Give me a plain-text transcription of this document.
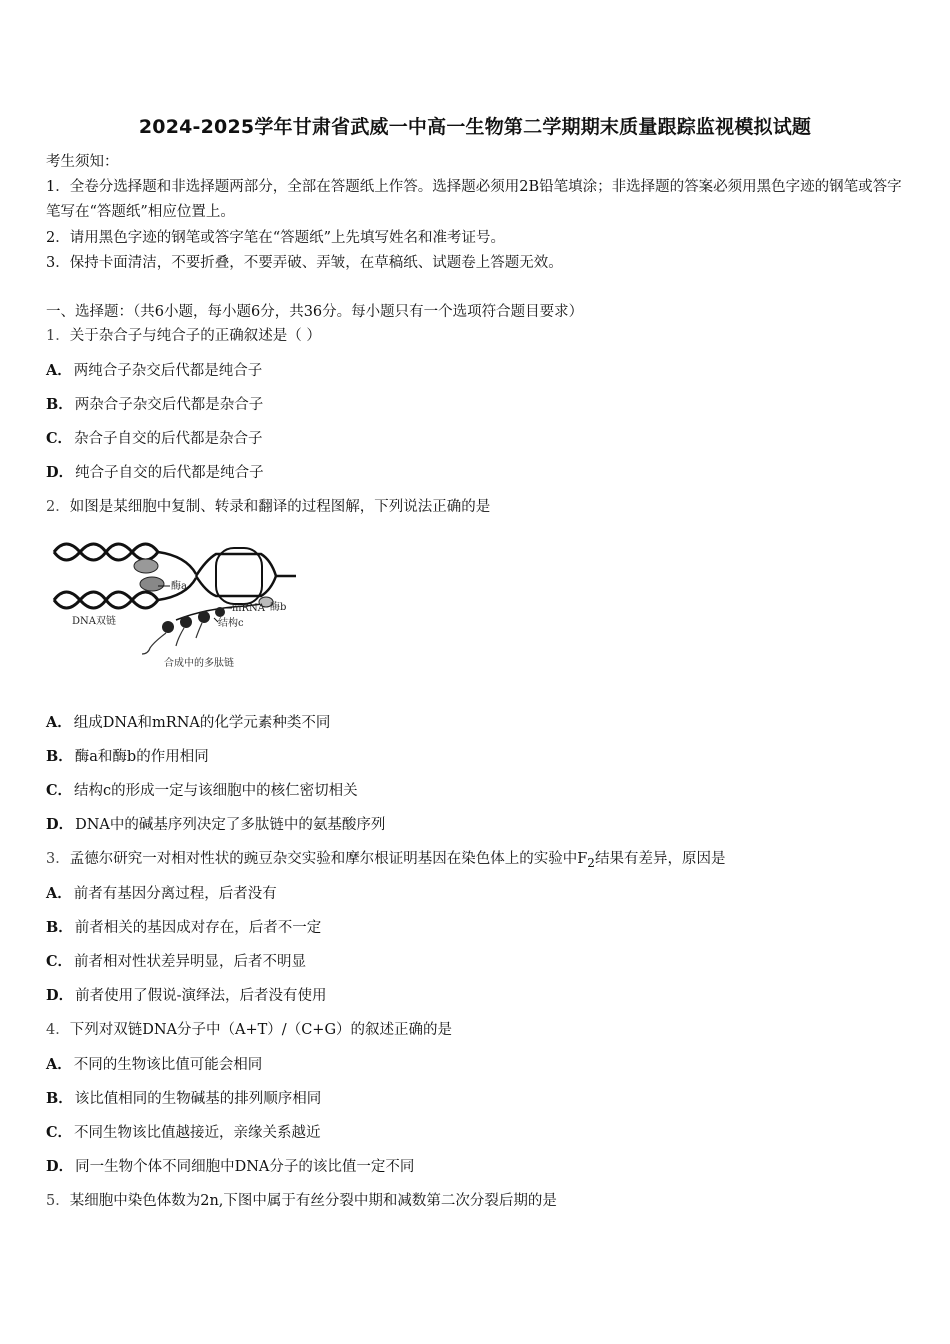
2024-2025学年甘肃省武威一中高一生物第二学期期末质量跟踪监视模拟试题
考生须知：
1．全卷分选择题和非选择题两部分，全部在答题纸上作答。选择题必须用2B铅笔填涂；非选择题的答案必须用黑色字迹的钢笔或答字笔写在“答题纸”相应位置上。
2．请用黑色字迹的钢笔或答字笔在“答题纸”上先填写姓名和准考证号。
3．保持卡面清洁，不要折叠，不要弄破、弄皱，在草稿纸、试题卷上答题无效。
一、选择题：（共6小题，每小题6分，共36分。每小题只有一个选项符合题目要求）
1．关于杂合子与纯合子的正确叙述是（ ）
A． 两纯合子杂交后代都是纯合子
B． 两杂合子杂交后代都是杂合子
C． 杂合子自交的后代都是杂合子
D． 纯合子自交的后代都是纯合子
2．如图是某细胞中复制、转录和翻译的过程图解，下列说法正确的是
酶a
mRNA 酶b
DNA双链	结构c
合成中的多肽链
A． 组成DNA和mRNA的化学元素种类不同
B． 酶a和酶b的作用相同
C． 结构c的形成一定与该细胞中的核仁密切相关
D． DNA中的碱基序列决定了多肽链中的氨基酸序列
3．孟德尔研究一对相对性状的豌豆杂交实验和摩尔根证明基因在染色体上的实验中$F_2$结果有差异，原因是
A． 前者有基因分离过程，后者没有
B． 前者相关的基因成对存在，后者不一定
C． 前者相对性状差异明显，后者不明显
D． 前者使用了假说-演绎法，后者没有使用
4．下列对双链DNA分子中（A+T）/（C+G）的叙述正确的是
A． 不同的生物该比值可能会相同
B． 该比值相同的生物碱基的排列顺序相同
C． 不同生物该比值越接近，亲缘关系越近
D． 同一生物个体不同细胞中DNA分子的该比值一定不同
5．某细胞中染色体数为2n,下图中属于有丝分裂中期和减数第二次分裂后期的是
